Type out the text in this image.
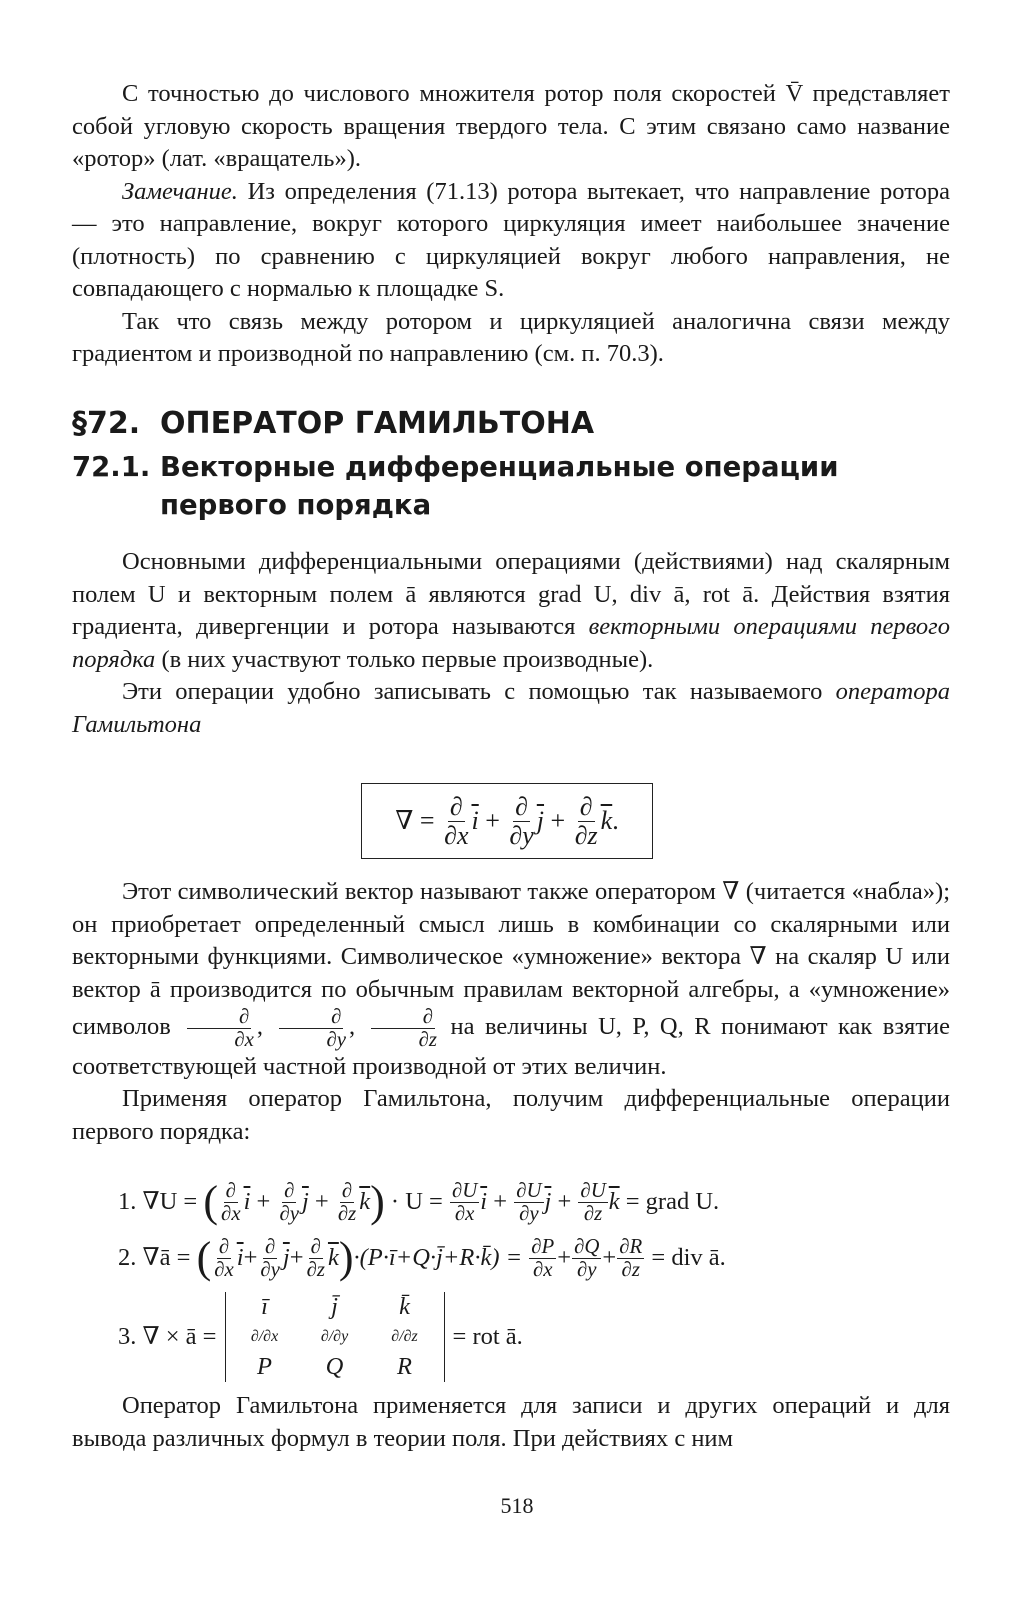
С точностью до числового множителя ротор поля скоростей V̄ представляет собой угловую скорость вращения твердого тела. С этим связано само название «ротор» (лат. «вращатель»).

Замечание. Из определения (71.13) ротора вытекает, что направление ротора — это направление, вокруг которого циркуляция имеет наибольшее значение (плотность) по сравнению с циркуляцией вокруг любого направления, не совпадающего с нормалью к площадке S.

Так что связь между ротором и циркуляцией аналогична связи между градиентом и производной по направлению (см. п. 70.3).

§72. ОПЕРАТОР ГАМИЛЬТОНА
72.1. Векторные дифференциальные операции первого порядка

Основными дифференциальными операциями (действиями) над скалярным полем U и векторным полем ā являются grad U, div ā, rot ā. Действия взятия градиента, дивергенции и ротора называются векторными операциями первого порядка (в них участвуют только первые производные).

Эти операции удобно записывать с помощью так называемого оператора Гамильтона

∇ =
$\frac{\partial}{\partial x} \overline{i}$
+
$\frac{\partial}{\partial y} \overline{j}$
+
$\frac{\partial}{\partial z} \overline{k}$ .

Этот символический вектор называют также оператором ∇ (читается «набла»); он приобретает определенный смысл лишь в комбинации со скалярными или векторными функциями. Символическое «умножение» вектора ∇ на скаляр U или вектор ā производится по обычным правилам векторной алгебры, а «умножение» символов $\frac{\partial}{\partial x}$ , $\frac{\partial}{\partial y}$ , $\frac{\partial}{\partial z}$ на величины U, P, Q, R понимают как взятие соответствующей частной производной от этих величин.

Применяя оператор Гамильтона, получим дифференциальные операции первого порядка:

1. ∇U =
( $\frac{\partial}{\partial x} \overline{i} + \frac{\partial}{\partial y} \overline{j} + \frac{\partial}{\partial z} \overline{k}$ )
· U =
$\frac{\partial U}{\partial x} \overline{i} + \frac{\partial U}{\partial y} \overline{j} + \frac{\partial U}{\partial z} \overline{k}$
= grad U.
2. ∇ā =
( $\frac{\partial}{\partial x} \overline{i} + \frac{\partial}{\partial y} \overline{j} + \frac{\partial}{\partial z} \overline{k}$ ) ·(P·ī+Q·j̄+R·k̄) =
$\frac{\partial P}{\partial x} + \frac{\partial Q}{\partial y} + \frac{\partial R}{\partial z}$
= div ā.
3. ∇ × ā =
ī	j̄	k̄
∂/∂x	∂/∂y	∂/∂z
P	Q	R
= rot ā.

Оператор Гамильтона применяется для записи и других операций и для вывода различных формул в теории поля. При действиях с ним

518
